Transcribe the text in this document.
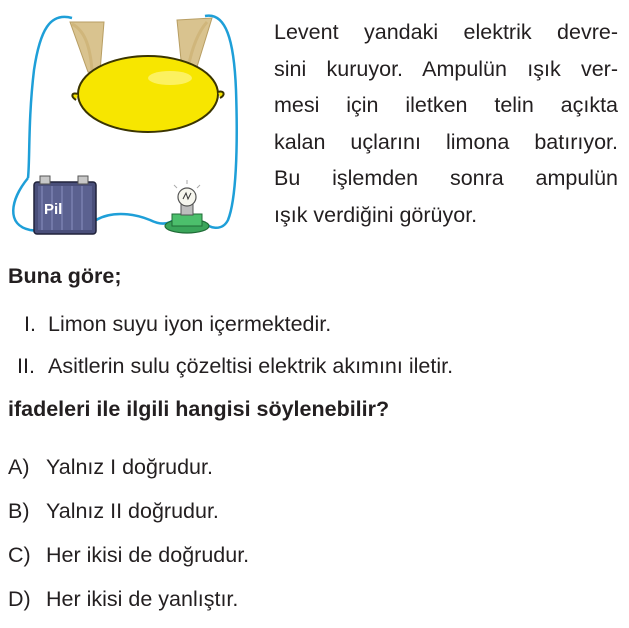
Pil
Levent yandaki elektrik devre-
sini kuruyor. Ampulün ışık ver-
mesi için iletken telin açıkta
kalan uçlarını limona batırıyor.
Bu işlemden sonra ampulün
ışık verdiğini görüyor.

Buna göre;

I. Limon suyu iyon içermektedir.

II. Asitlerin sulu çözeltisi elektrik akımını iletir.

ifadeleri ile ilgili hangisi söylenebilir?

A) Yalnız I doğrudur.
B) Yalnız II doğrudur.
C) Her ikisi de doğrudur.
D) Her ikisi de yanlıştır.
